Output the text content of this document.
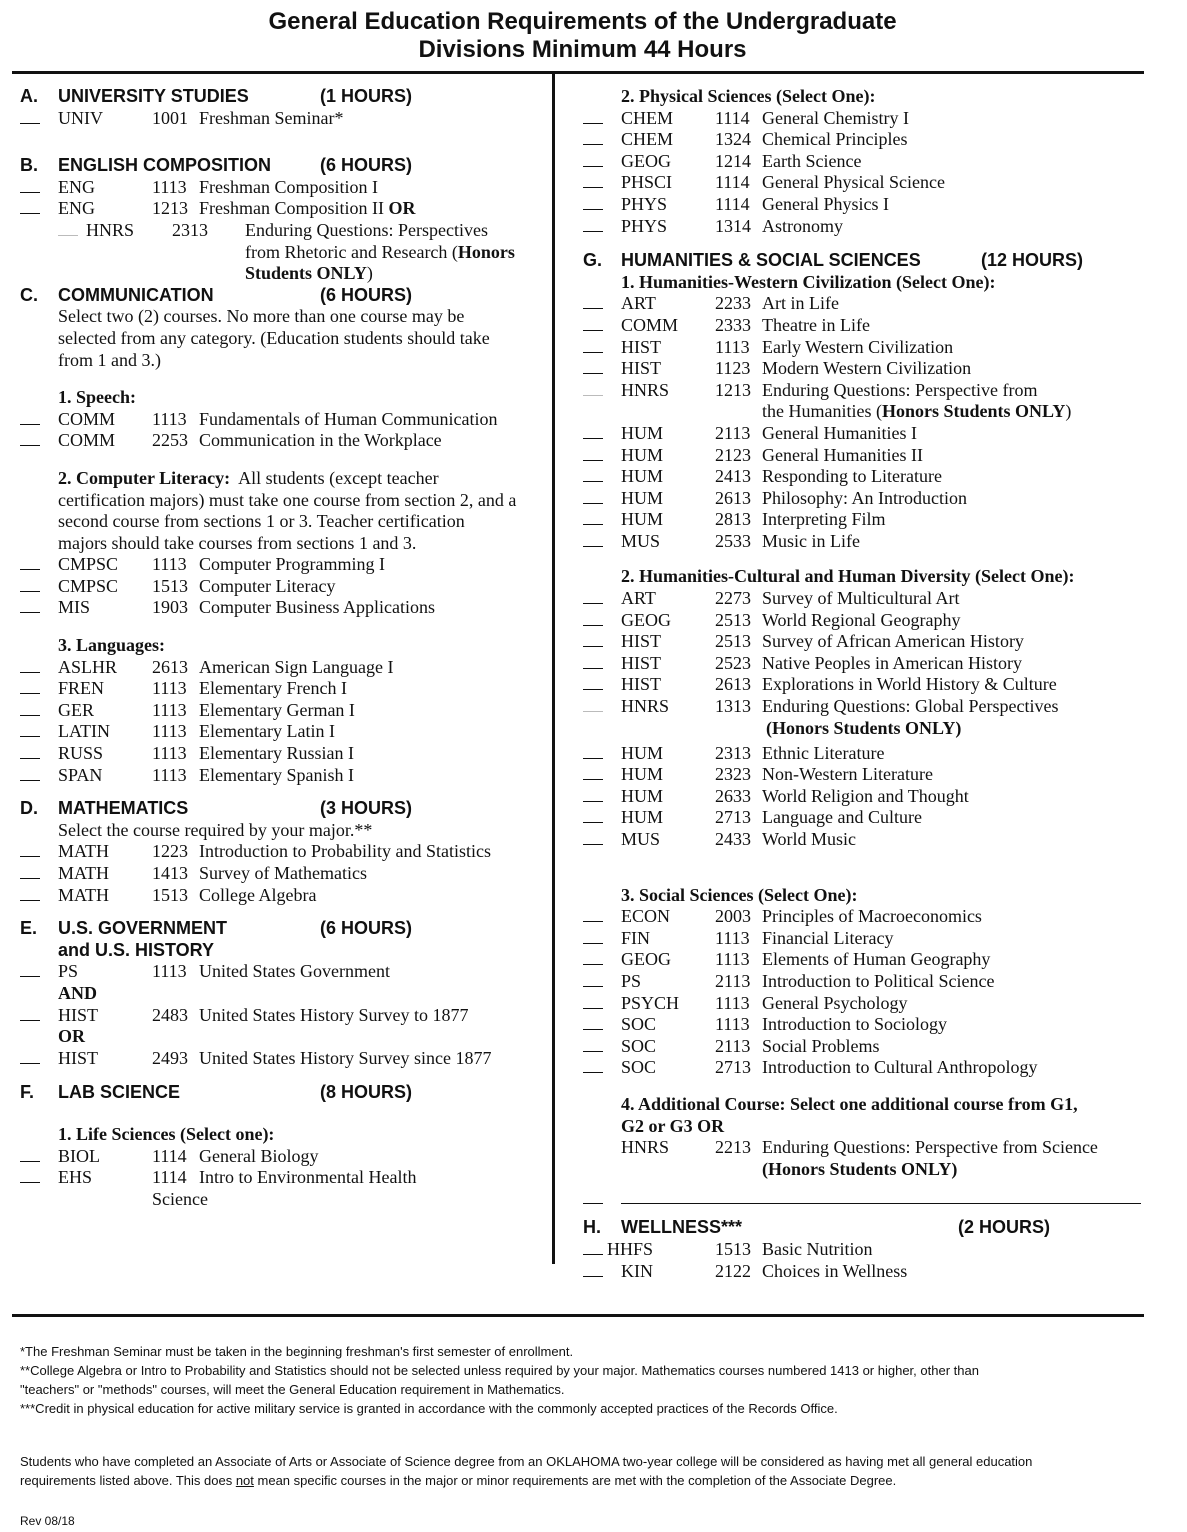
General Education Requirements of the Undergraduate
Divisions Minimum 44 Hours
A. UNIVERSITY STUDIES	(1 HOURS)
UNIV	1001 Freshman Seminar*
B. ENGLISH COMPOSITION	(6 HOURS)
ENG	1113 Freshman Composition I
ENG	1213 Freshman Composition II OR
HNRS 2313 Enduring Questions: Perspectives
from Rhetoric and Research (Honors
Students ONLY)
C. COMMUNICATION	(6 HOURS)
Select two (2) courses. No more than one course may be
selected from any category. (Education students should take
from 1 and 3.)
1. Speech:
COMM 1113 Fundamentals of Human Communication
COMM 2253 Communication in the Workplace
2. Computer Literacy: All students (except teacher
certification majors) must take one course from section 2, and a
second course from sections 1 or 3. Teacher certification
majors should take courses from sections 1 and 3.
CMPSC 1113 Computer Programming I
CMPSC 1513 Computer Literacy
MIS	1903 Computer Business Applications
3. Languages:
ASLHR 2613 American Sign Language I
FREN	1113 Elementary French I
GER	1113 Elementary German I
LATIN 1113 Elementary Latin I
RUSS	1113 Elementary Russian I
SPAN	1113 Elementary Spanish I
D. MATHEMATICS	(3 HOURS)
Select the course required by your major.**
MATH 1223 Introduction to Probability and Statistics
MATH 1413 Survey of Mathematics
MATH 1513 College Algebra
E. U.S. GOVERNMENT	(6 HOURS)
and U.S. HISTORY
PS	1113 United States Government
AND
HIST	2483 United States History Survey to 1877
OR
HIST	2493 United States History Survey since 1877
F. LAB SCIENCE	(8 HOURS)
1. Life Sciences (Select one):
BIOL	1114 General Biology
EHS	1114 Intro to Environmental Health
Science
2. Physical Sciences (Select One):
CHEM 1114 General Chemistry I
CHEM 1324 Chemical Principles
GEOG 1214 Earth Science
PHSCI 1114 General Physical Science
PHYS	1114 General Physics I
PHYS	1314 Astronomy
G. HUMANITIES & SOCIAL SCIENCES	(12 HOURS)
1. Humanities-Western Civilization (Select One):
ART	2233 Art in Life
COMM 2333 Theatre in Life
HIST	1113 Early Western Civilization
HIST	1123 Modern Western Civilization
HNRS	1213 Enduring Questions: Perspective from
the Humanities (Honors Students ONLY)
HUM	2113 General Humanities I
HUM	2123 General Humanities II
HUM	2413 Responding to Literature
HUM	2613 Philosophy: An Introduction
HUM	2813 Interpreting Film
MUS	2533 Music in Life
2. Humanities-Cultural and Human Diversity (Select One):
ART	2273 Survey of Multicultural Art
GEOG 2513 World Regional Geography
HIST	2513 Survey of African American History
HIST	2523 Native Peoples in American History
HIST	2613 Explorations in World History & Culture
HNRS	1313 Enduring Questions: Global Perspectives
(Honors Students ONLY)
HUM	2313 Ethnic Literature
HUM	2323 Non-Western Literature
HUM	2633 World Religion and Thought
HUM	2713 Language and Culture
MUS	2433 World Music
3. Social Sciences (Select One):
ECON	2003 Principles of Macroeconomics
FIN	1113 Financial Literacy
GEOG 1113 Elements of Human Geography
PS	2113 Introduction to Political Science
PSYCH 1113 General Psychology
SOC	1113 Introduction to Sociology
SOC	2113 Social Problems
SOC	2713 Introduction to Cultural Anthropology
4. Additional Course: Select one additional course from G1,
G2 or G3 OR
HNRS	2213 Enduring Questions: Perspective from Science
(Honors Students ONLY)
H. WELLNESS***	(2 HOURS)
HHFS	1513 Basic Nutrition
KIN	2122 Choices in Wellness
*The Freshman Seminar must be taken in the beginning freshman's first semester of enrollment.
**College Algebra or Intro to Probability and Statistics should not be selected unless required by your major. Mathematics courses numbered 1413 or higher, other than
"teachers" or "methods" courses, will meet the General Education requirement in Mathematics.
***Credit in physical education for active military service is granted in accordance with the commonly accepted practices of the Records Office.
Students who have completed an Associate of Arts or Associate of Science degree from an OKLAHOMA two-year college will be considered as having met all general education
requirements listed above. This does not mean specific courses in the major or minor requirements are met with the completion of the Associate Degree.
Rev 08/18
